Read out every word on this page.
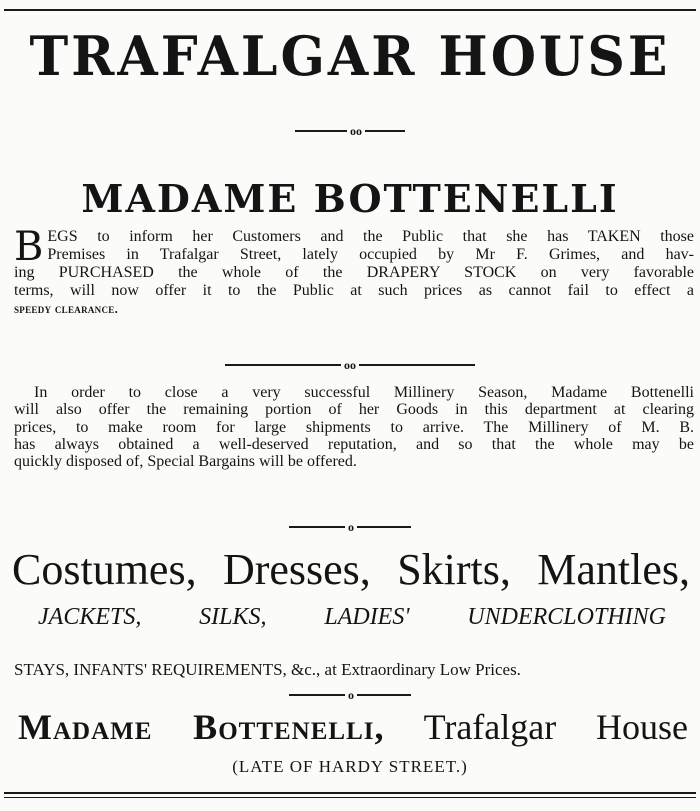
TRAFALGAR HOUSE
oo
MADAME BOTTENELLI
B EGS to inform her Customers and the Public that she has TAKEN those
Premises in Trafalgar Street, lately occupied by Mr F. Grimes, and hav-
ing PURCHASED the whole of the DRAPERY STOCK on very favorable
terms, will now offer it to the Public at such prices as cannot fail to effect a
speedy clearance.
oo
In order to close a very successful Millinery Season, Madame Bottenelli
will also offer the remaining portion of her Goods in this department at clearing
prices, to make room for large shipments to arrive. The Millinery of M. B.
has always obtained a well-deserved reputation, and so that the whole may be
quickly disposed of, Special Bargains will be offered.
o
Costumes, Dresses, Skirts, Mantles,
JACKETS, SILKS, LADIES' UNDERCLOTHING
STAYS, INFANTS' REQUIREMENTS, &c., at Extraordinary Low Prices.
o
Madame Bottenelli, Trafalgar House
(LATE OF HARDY STREET.)
